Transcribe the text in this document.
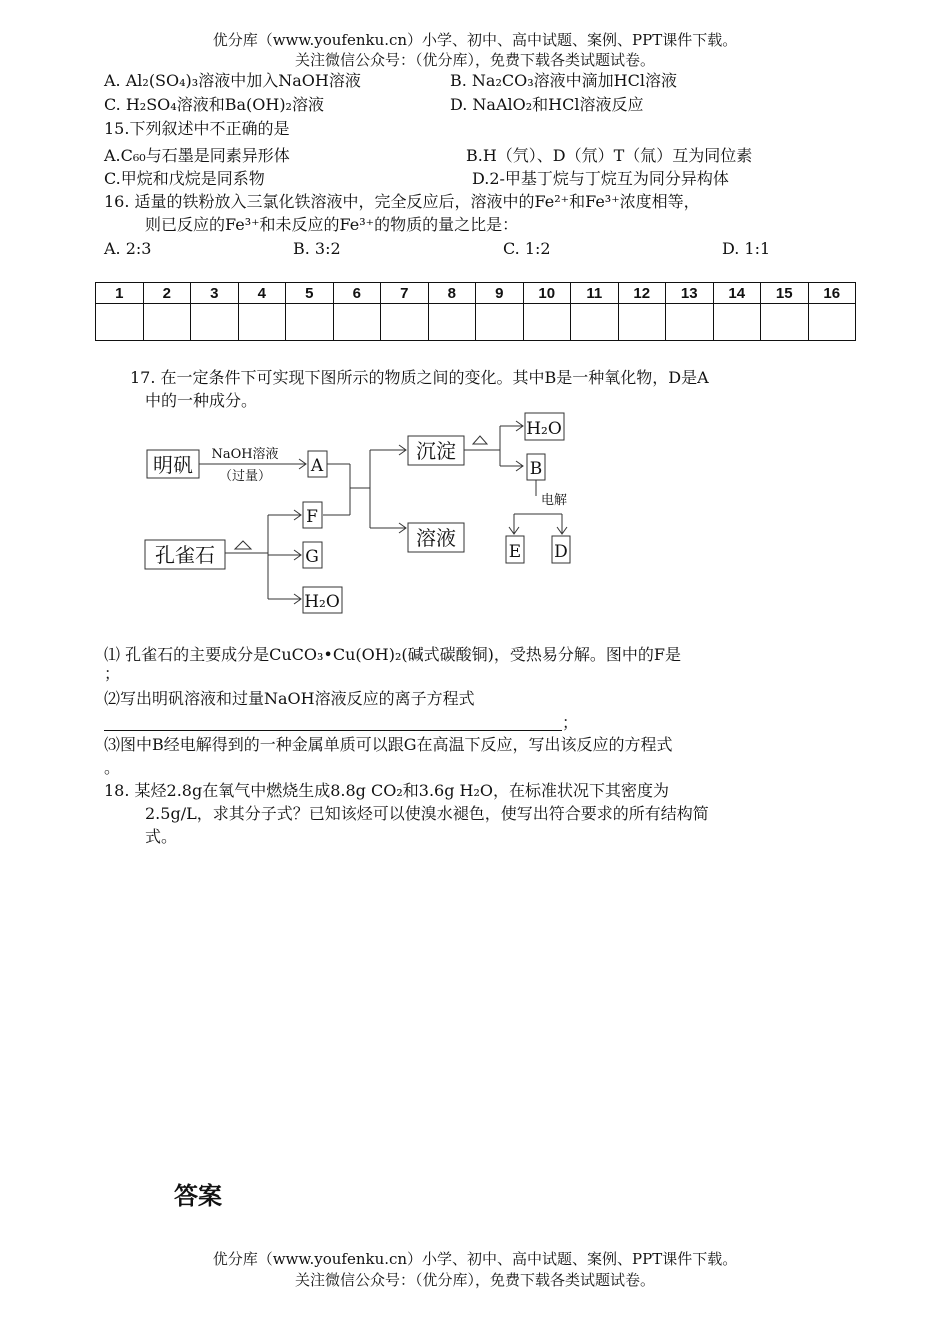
优分库（www.youfenku.cn）小学、初中、高中试题、案例、PPT课件下载。
关注微信公众号：（优分库），免费下载各类试题试卷。
A. Al₂(SO₄)₃溶液中加入NaOH溶液	B. Na₂CO₃溶液中滴加HCl溶液
C. H₂SO₄溶液和Ba(OH)₂溶液	D. NaAlO₂和HCl溶液反应
15.下列叙述中不正确的是
A.C₆₀与石墨是同素异形体	B.H（氕）、D（氘）T（氚）互为同位素
C.甲烷和戊烷是同系物	D.2-甲基丁烷与丁烷互为同分异构体
16. 适量的铁粉放入三氯化铁溶液中，完全反应后，溶液中的Fe²⁺和Fe³⁺浓度相等，
则已反应的Fe³⁺和未反应的Fe³⁺的物质的量之比是：
A. 2:3	B. 3:2	C. 1:2	D. 1:1
1	2	3	4	5	6	7	8	9	10	11	12	13	14	15	16

17. 在一定条件下可实现下图所示的物质之间的变化。其中B是一种氧化物，D是A
中的一种成分。
明矾 NaOH溶液
（过量）
A
沉淀
溶液
H₂O
B
电解
E D
孔雀石
F
G
H₂O
⑴ 孔雀石的主要成分是CuCO₃•Cu(OH)₂(碱式碳酸铜)，受热易分解。图中的F是
；
⑵写出明矾溶液和过量NaOH溶液反应的离子方程式
；
⑶图中B经电解得到的一种金属单质可以跟G在高温下反应，写出该反应的方程式
。
18. 某烃2.8g在氧气中燃烧生成8.8g CO₂和3.6g H₂O，在标准状况下其密度为
2.5g/L，求其分子式？已知该烃可以使溴水褪色，使写出符合要求的所有结构简
式。
答案
优分库（www.youfenku.cn）小学、初中、高中试题、案例、PPT课件下载。
关注微信公众号：（优分库），免费下载各类试题试卷。
